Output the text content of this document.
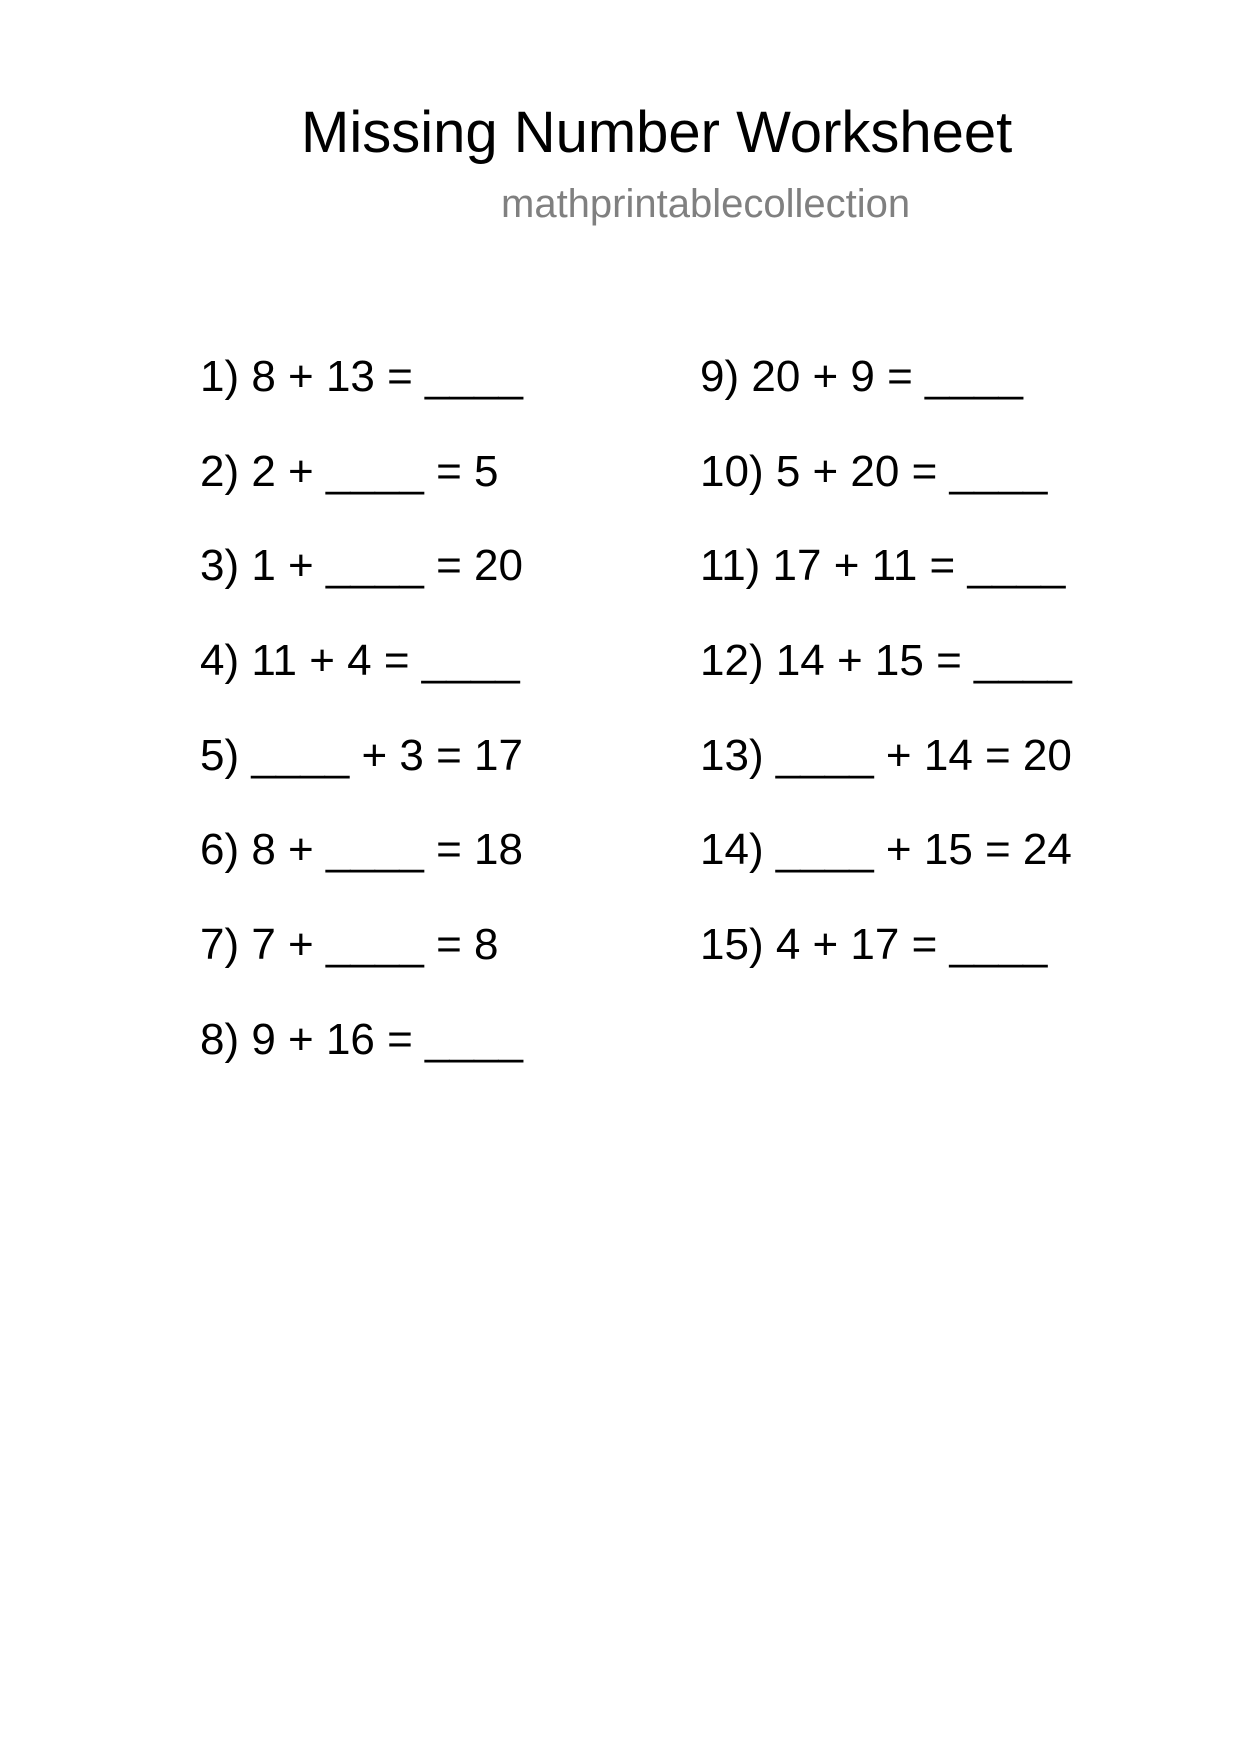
Missing Number Worksheet
mathprintablecollection
1) 8 + 13 = ____
2) 2 + ____ = 5
3) 1 + ____ = 20
4) 11 + 4 = ____
5) ____ + 3 = 17
6) 8 + ____ = 18
7) 7 + ____ = 8
8) 9 + 16 = ____
9) 20 + 9 = ____
10) 5 + 20 = ____
11) 17 + 11 = ____
12) 14 + 15 = ____
13) ____ + 14 = 20
14) ____ + 15 = 24
15) 4 + 17 = ____
